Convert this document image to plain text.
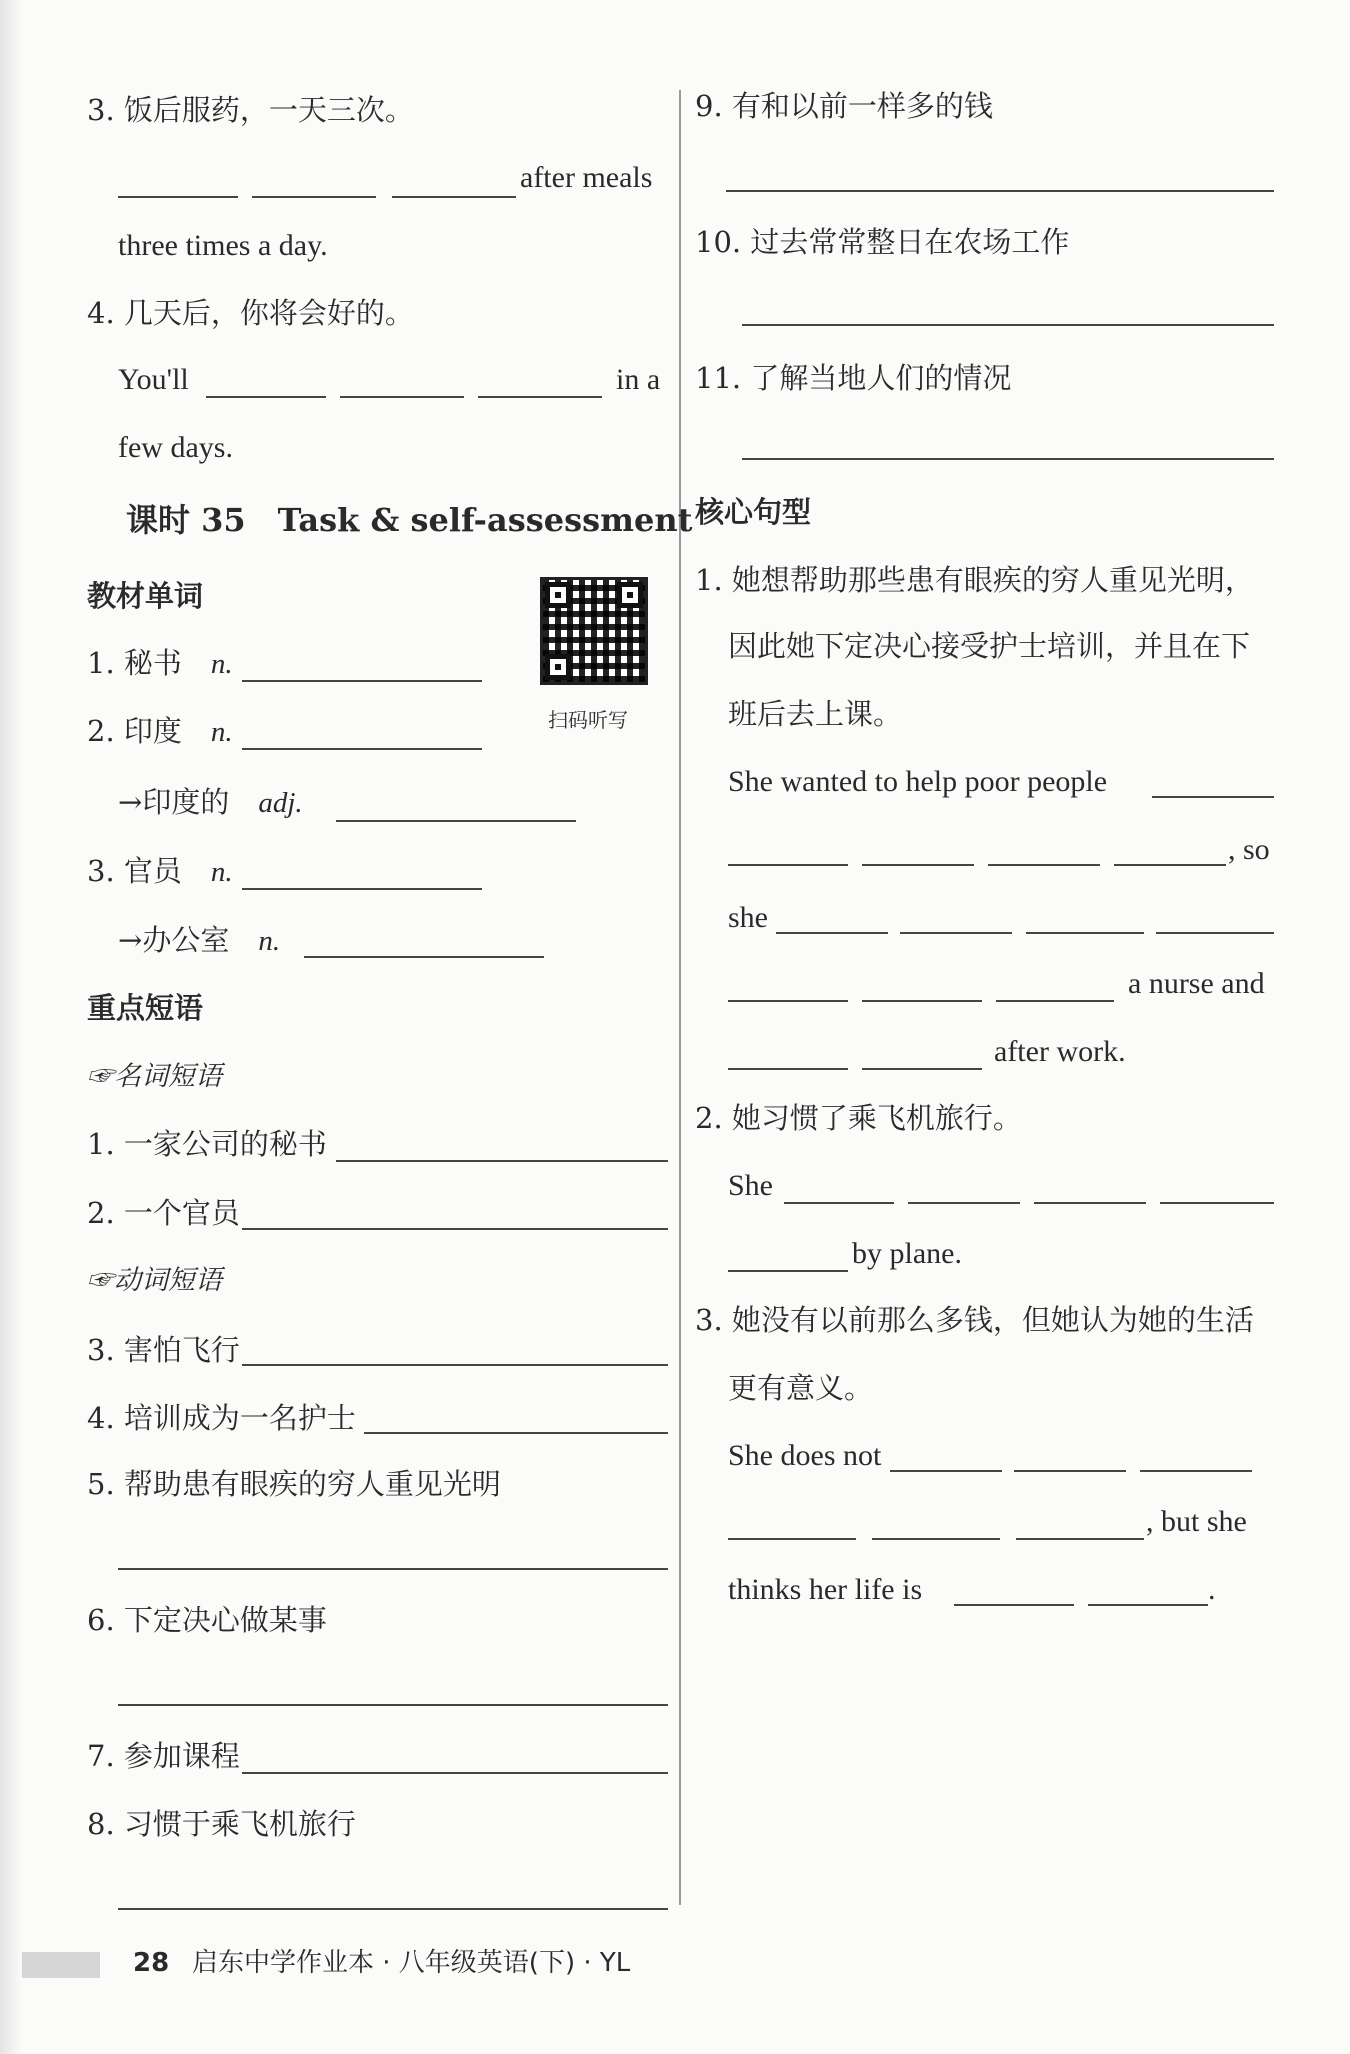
3. 饭后服药，一天三次。
after meals
three times a day.
4. 几天后，你将会好的。
You'll	in a
few days.
课时 35　Task & self-assessment
教材单词
扫码听写
1. 秘书　 n.
2. 印度　 n.
→印度的　 adj.
3. 官员　 n.
→办公室　 n.
重点短语
☞名词短语
1. 一家公司的秘书
2. 一个官员
☞动词短语
3. 害怕飞行
4. 培训成为一名护士
5. 帮助患有眼疾的穷人重见光明
6. 下定决心做某事
7. 参加课程
8. 习惯于乘飞机旅行
9. 有和以前一样多的钱
10. 过去常常整日在农场工作
11. 了解当地人们的情况
核心句型
1. 她想帮助那些患有眼疾的穷人重见光明，
因此她下定决心接受护士培训，并且在下
班后去上课。
She wanted to help poor people
, so
she
a nurse and
after work.
2. 她习惯了乘飞机旅行。
She
by plane.
3. 她没有以前那么多钱，但她认为她的生活
更有意义。
She does not
, but she
thinks her life is	.
28 启东中学作业本 · 八年级英语(下) · YL
